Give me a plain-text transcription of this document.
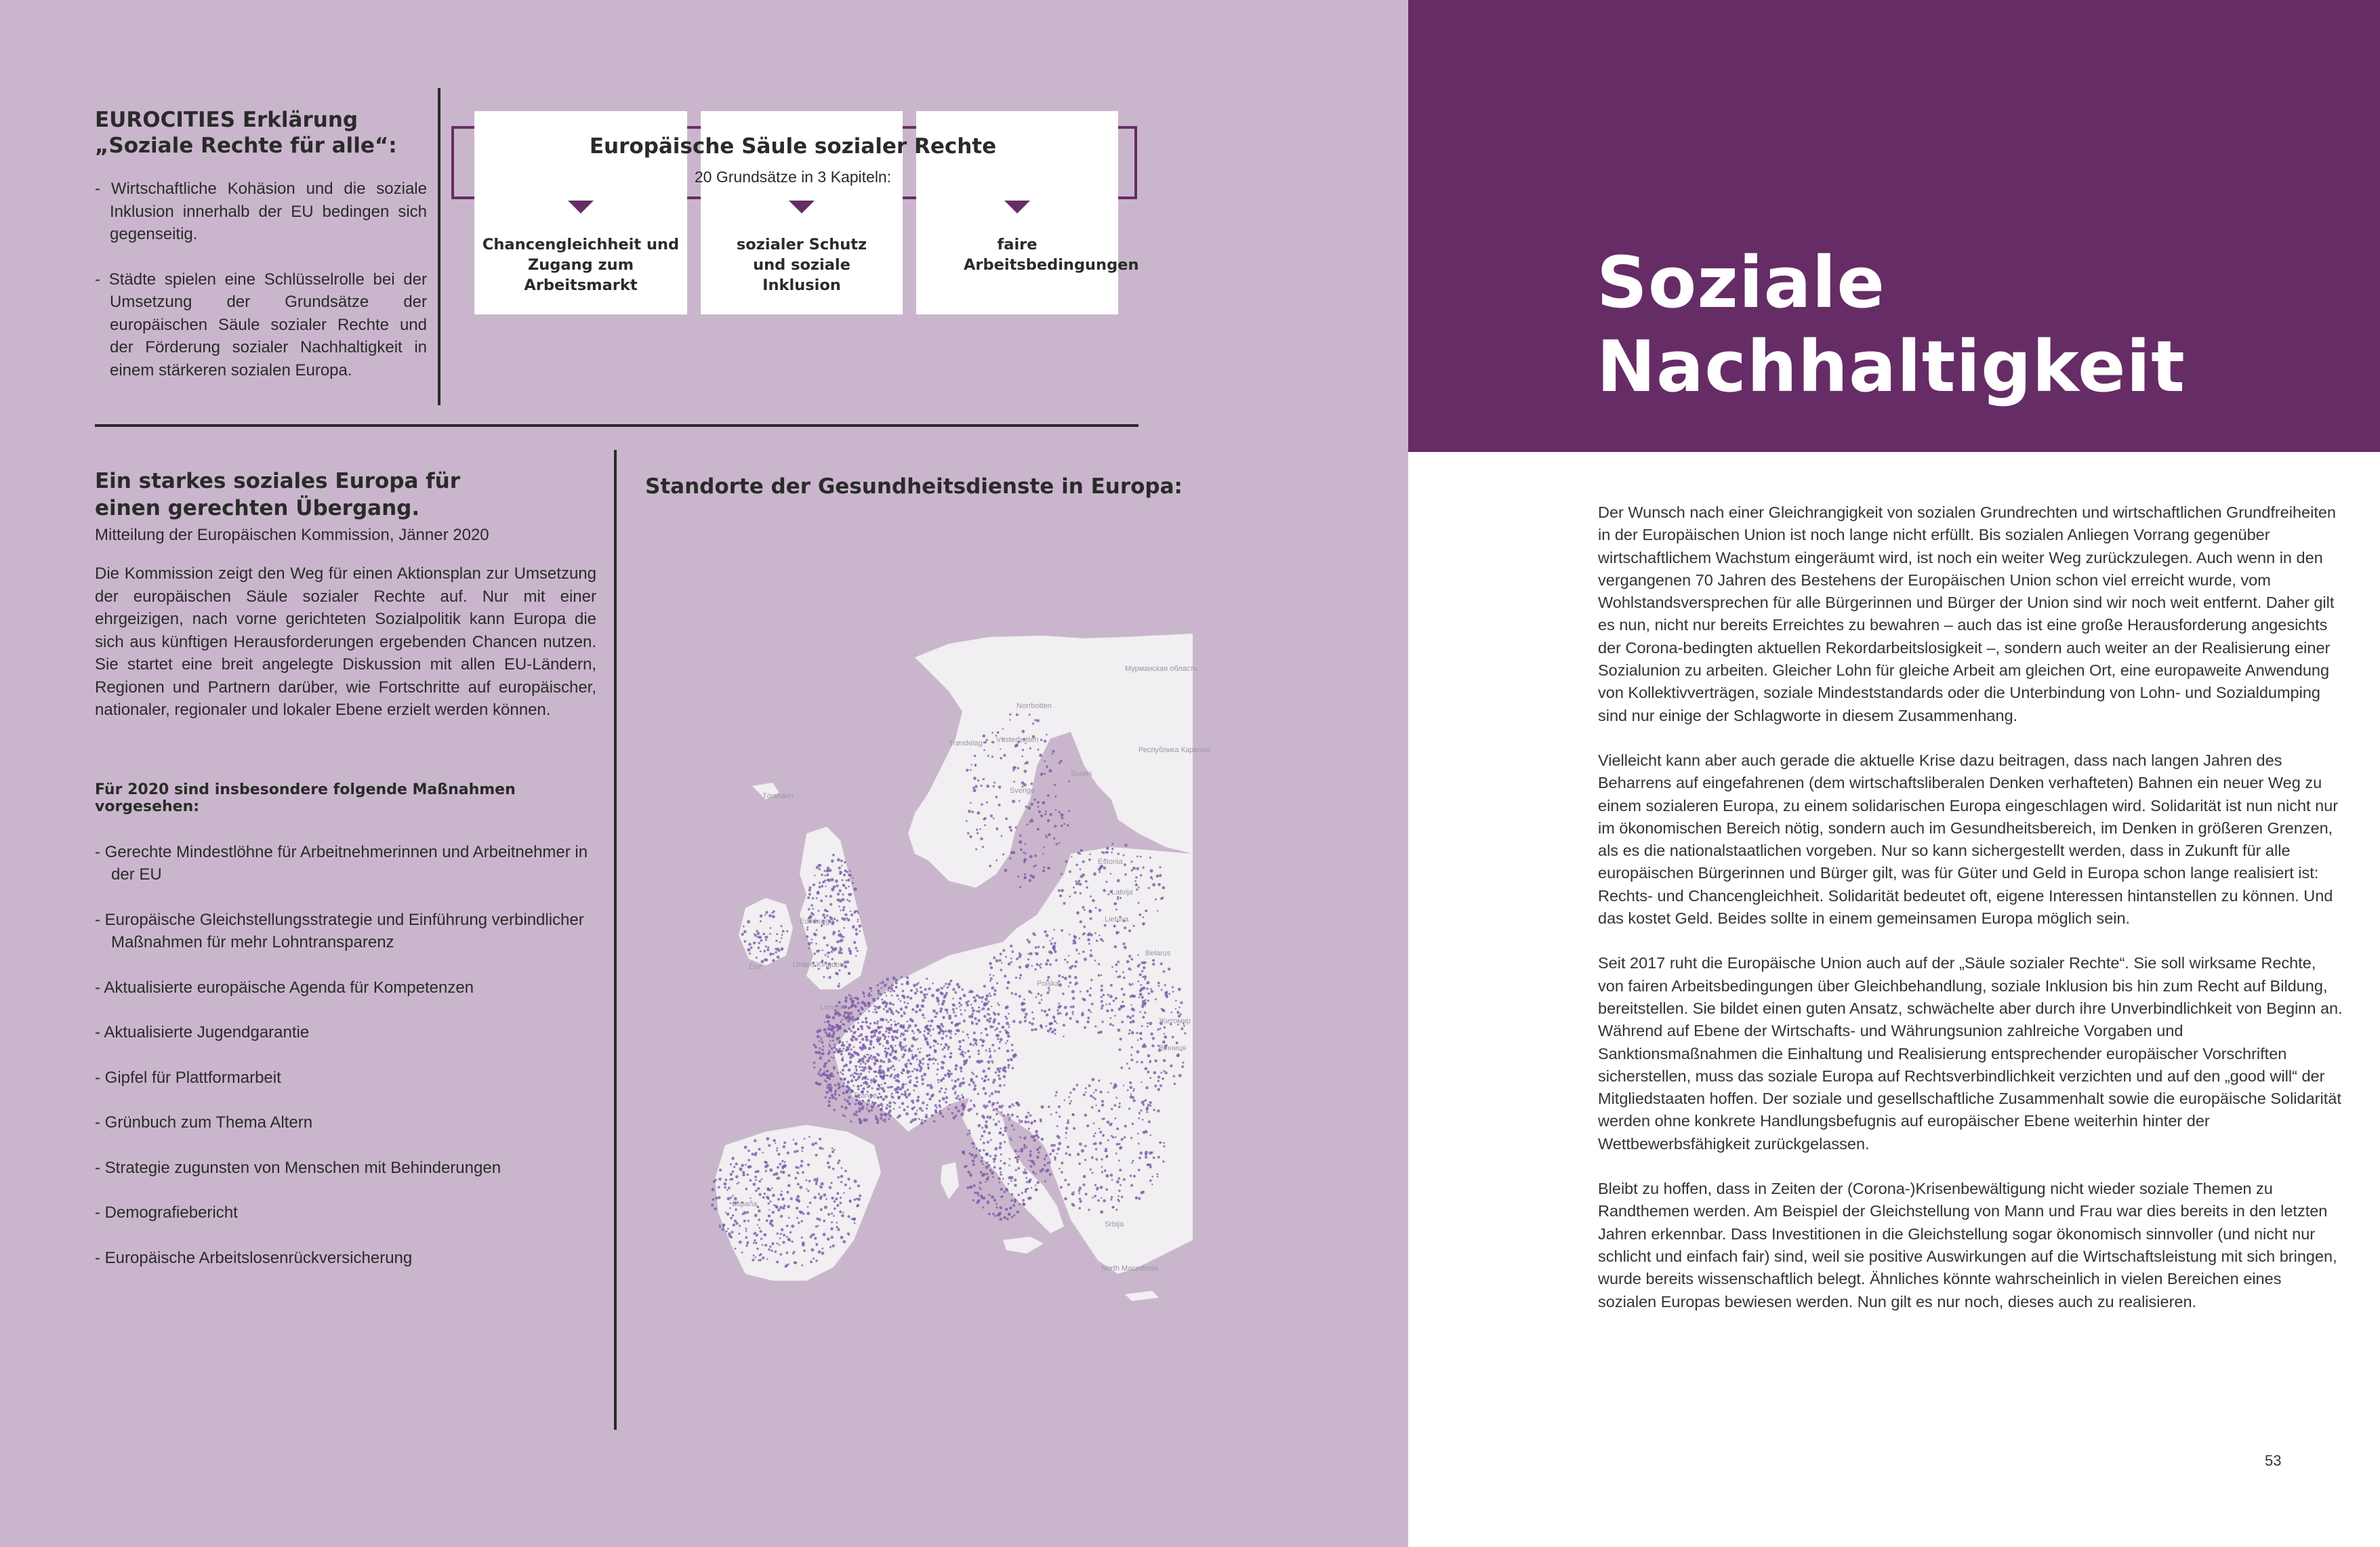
EUROCITIES Erklärung
„Soziale Rechte für alle“:
- Wirtschaftliche Kohäsion und die soziale Inklusion innerhalb der EU bedingen sich gegenseitig.
- Städte spielen eine Schlüsselrolle bei der Umsetzung der Grundsätze der europäischen Säule sozialer Rechte und der Förderung sozialer Nachhaltigkeit in einem stärkeren sozialen Europa.
Chancengleichheit und Zugang zum Arbeitsmarkt
sozialer Schutz und soziale Inklusion
faire Arbeitsbedingungen
Europäische Säule sozialer Rechte
20 Grundsätze in 3 Kapiteln:
Ein starkes soziales Europa für
einen gerechten Übergang.
Mitteilung der Europäischen Kommission, Jänner 2020
Die Kommission zeigt den Weg für einen Aktionsplan zur Umsetzung der europäischen Säule sozialer Rechte auf. Nur mit einer ehrgeizigen, nach vorne gerichteten Sozialpolitik kann Europa die sich aus künftigen Herausforderungen ergebenden Chancen nutzen. Sie startet eine breit angelegte Diskussion mit allen EU-Ländern, Regionen und Partnern darüber, wie Fortschritte auf europäischer, nationaler, regionaler und lokaler Ebene erzielt werden können.
Für 2020 sind insbesondere folgende Maßnahmen vorgesehen:
- Gerechte Mindestlöhne für Arbeitnehmerinnen und Arbeitnehmer in der EU
- Europäische Gleichstellungsstrategie und Einführung verbindlicher Maßnahmen für mehr Lohntransparenz
- Aktualisierte europäische Agenda für Kompetenzen
- Aktualisierte Jugendgarantie
- Gipfel für Plattformarbeit
- Grünbuch zum Thema Altern
- Strategie zugunsten von Menschen mit Behinderungen
- Demografiebericht
- Europäische Arbeitslosenrückversicherung
Standorte der Gesundheitsdienste in Europa:
Мурманская область
Norrbotten
Trøndelag Västerbotten
Республика Карелия
Suomi
Sverige
Tórshavn
Estonia
Edinburgh
Latvija
Lietuva
United Kingdom
Éire
Belarus
London
Polska
Житомир
Вінниця
France
Srbija
North Macedonia
España
Soziale
Nachhaltigkeit

Der Wunsch nach einer Gleichrangigkeit von sozialen Grundrechten und wirtschaftlichen Grundfreiheiten in der Europäischen Union ist noch lange nicht erfüllt. Bis sozialen Anliegen Vorrang gegenüber wirtschaftlichem Wachstum eingeräumt wird, ist noch ein weiter Weg zurückzulegen. Auch wenn in den vergangenen 70 Jahren des Bestehens der Europäischen Union schon viel erreicht wurde, vom Wohlstandsversprechen für alle Bürgerinnen und Bürger der Union sind wir noch weit entfernt. Daher gilt es nun, nicht nur bereits Erreichtes zu bewahren – auch das ist eine große Herausforderung angesichts der Corona-bedingten aktuellen Rekordarbeitslosigkeit –, sondern auch weiter an der Realisierung einer Sozialunion zu arbeiten. Gleicher Lohn für gleiche Arbeit am gleichen Ort, eine europaweite Anwendung von Kollektivverträgen, soziale Mindeststandards oder die Unterbindung von Lohn- und Sozialdumping sind nur einige der Schlagworte in diesem Zusammenhang.

Vielleicht kann aber auch gerade die aktuelle Krise dazu beitragen, dass nach langen Jahren des Beharrens auf eingefahrenen (dem wirtschaftsliberalen Denken verhafteten) Bahnen ein neuer Weg zu einem sozialeren Europa, zu einem solidarischen Europa eingeschlagen wird. Solidarität ist nun nicht nur im ökonomischen Bereich nötig, sondern auch im Gesundheitsbereich, im Denken in größeren Grenzen, als es die nationalstaatlichen vorgeben. Nur so kann sichergestellt werden, dass in Zukunft für alle europäischen Bürgerinnen und Bürger gilt, was für Güter und Geld in Europa schon lange realisiert ist: Rechts- und Chancengleichheit. Solidarität bedeutet oft, eigene Interessen hintanstellen zu können. Und das kostet Geld. Beides sollte in einem gemeinsamen Europa möglich sein.

Seit 2017 ruht die Europäische Union auch auf der „Säule sozialer Rechte“. Sie soll wirksame Rechte, von fairen Arbeitsbedingungen über Gleichbehandlung, soziale Inklusion bis hin zum Recht auf Bildung, bereitstellen. Sie bildet einen guten Ansatz, schwächelte aber durch ihre Unverbindlichkeit von Beginn an. Während auf Ebene der Wirtschafts- und Währungsunion zahlreiche Vorgaben und Sanktionsmaßnahmen die Einhaltung und Realisierung entsprechender europäischer Vorschriften sicherstellen, muss das soziale Europa auf Rechtsverbindlichkeit verzichten und auf den „good will“ der Mitgliedstaaten hoffen. Der soziale und gesellschaftliche Zusammenhalt sowie die europäische Solidarität werden ohne konkrete Handlungsbefugnis auf europäischer Ebene weiterhin hinter der Wettbewerbsfähigkeit zurückgelassen.

Bleibt zu hoffen, dass in Zeiten der (Corona-)Krisenbewältigung nicht wieder soziale Themen zu Randthemen werden. Am Beispiel der Gleichstellung von Mann und Frau war dies bereits in den letzten Jahren erkennbar. Dass Investitionen in die Gleichstellung sogar ökonomisch sinnvoller (und nicht nur schlicht und einfach fair) sind, weil sie positive Auswirkungen auf die Wirtschaftsleistung mit sich bringen, wurde bereits wissenschaftlich belegt. Ähnliches könnte wahrscheinlich in vielen Bereichen eines sozialen Europas bewiesen werden. Nun gilt es nur noch, dieses auch zu realisieren.

53
